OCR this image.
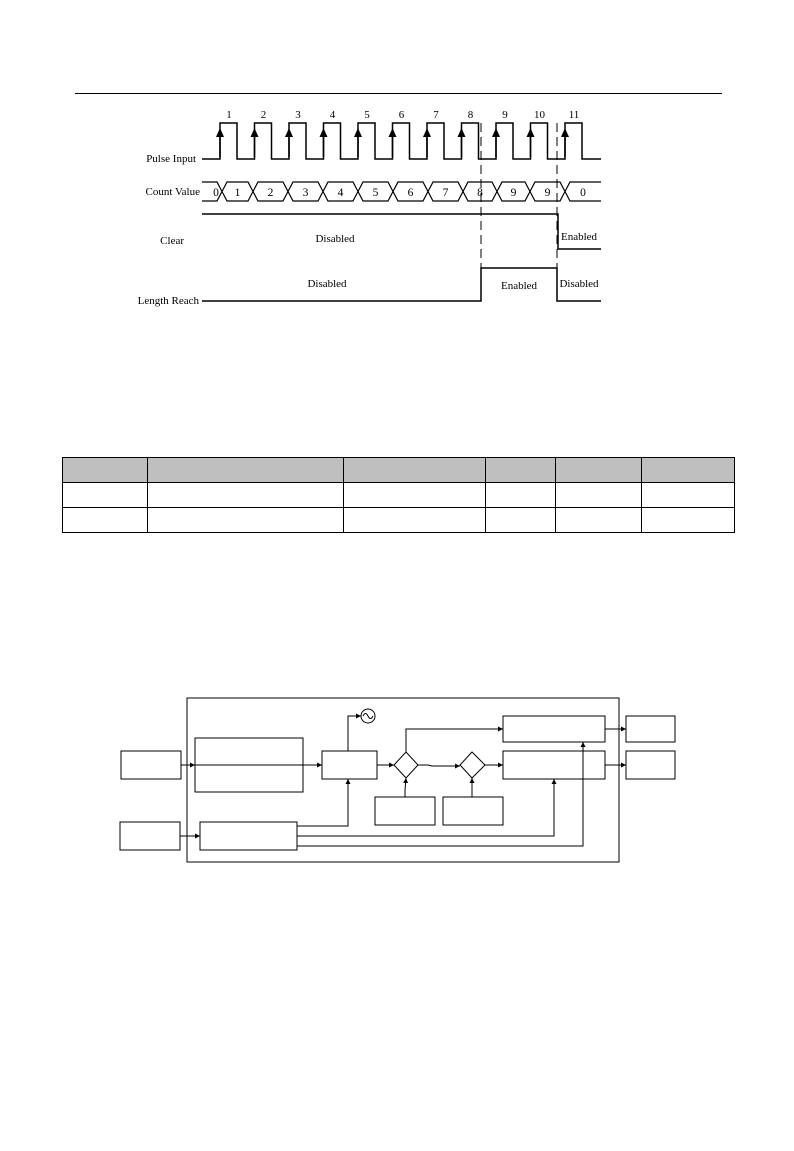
1	2	3	4	5	6	7	8	9 10 11
0 1 2	3	4	5	6	7	8 9 9	0
Pulse Input
Count Value
Clear
Length Reach
Disabled	Enabled
Disabled	Enabled Disabled
